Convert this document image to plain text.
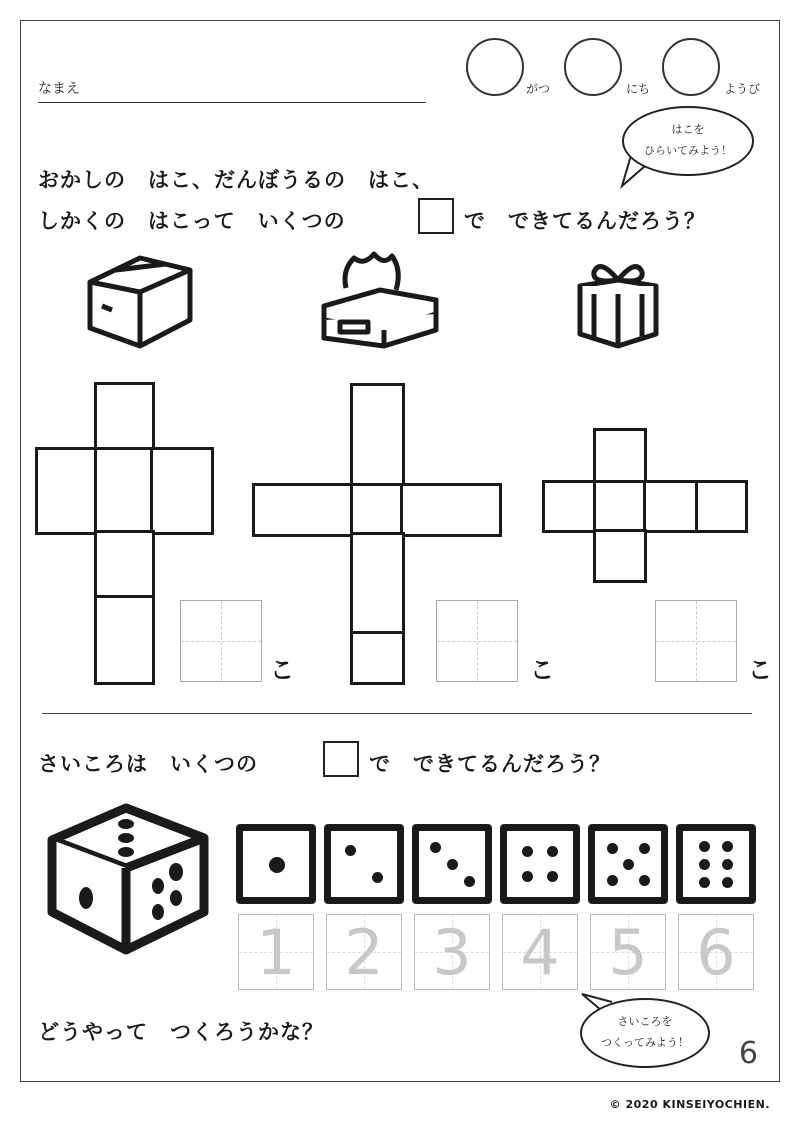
なまえ	がつ	にち	ようび
はこを
ひらいてみよう！
おかしの　はこ、だんぼうるの　はこ、
しかくの　はこって　いくつの	で　できてるんだろう？
こ	こ	こ
さいころは　いくつの	で　できてるんだろう？
1 2 3 4 5 6
どうやって　つくろうかな？	さいころを
つくってみよう！ 6
© 2020 KINSEIYOCHIEN.
